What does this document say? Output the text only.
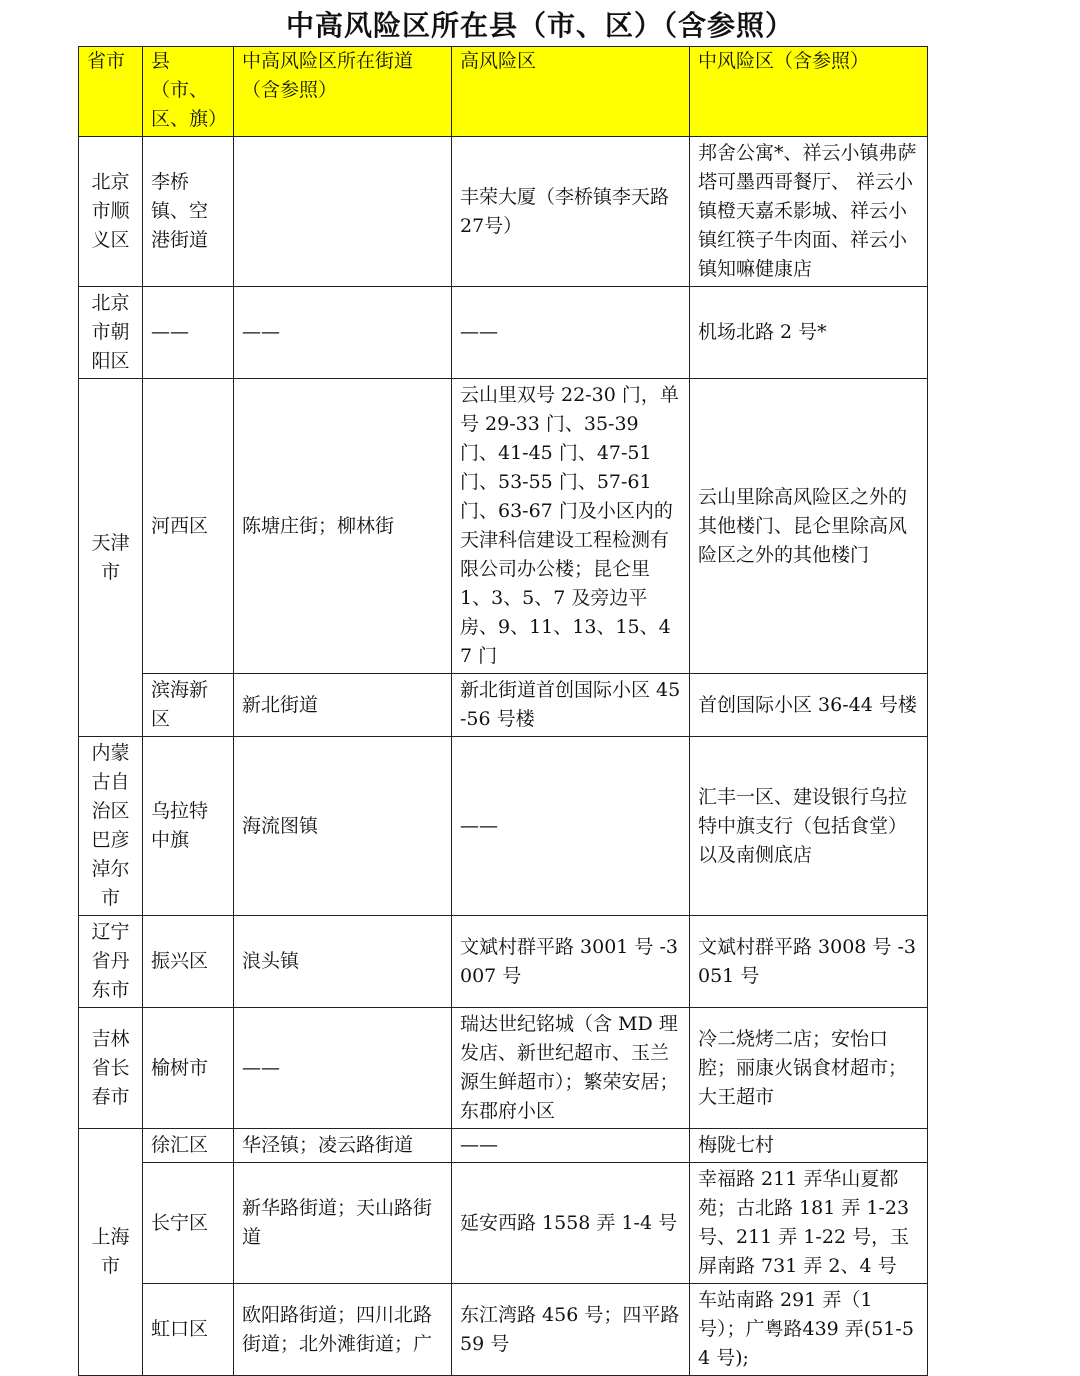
中高风险区所在县（市、区）（含参照）
省市	县（市、区、旗）	中高风险区所在街道（含参照）	高风险区	中风险区（含参照）
北京市顺义区	李桥镇、空港街道		丰荣大厦（李桥镇李天路27号）	邦舍公寓*、祥云小镇弗萨塔可墨西哥餐厅、 祥云小镇橙天嘉禾影城、祥云小镇红筷子牛肉面、祥云小镇知嘛健康店
北京市朝阳区	——	——	——	机场北路 2 号*
天津市	河西区	陈塘庄街；柳林街	云山里双号 22-30 门，单号 29-33 门、35-39 门、41-45 门、47-51 门、53-55 门、57-61 门、63-67 门及小区内的天津科信建设工程检测有限公司办公楼；昆仑里 1、3、5、7 及旁边平房、9、11、13、15、47 门	云山里除高风险区之外的其他楼门、昆仑里除高风险区之外的其他楼门
	滨海新区	新北街道	新北街道首创国际小区 45-56 号楼	首创国际小区 36-44 号楼
内蒙古自治区巴彦淖尔市	乌拉特中旗	海流图镇	——	汇丰一区、建设银行乌拉特中旗支行（包括食堂）以及南侧底店
辽宁省丹东市	振兴区	浪头镇	文斌村群平路 3001 号 -3007 号	文斌村群平路 3008 号 -3051 号
吉林省长春市	榆树市	——	瑞达世纪铭城（含 MD 理发店、新世纪超市、玉兰源生鲜超市）；繁荣安居；东郡府小区	冷二烧烤二店；安怡口腔；丽康火锅食材超市；大王超市
上海市	徐汇区	华泾镇；凌云路街道	——	梅陇七村
	长宁区	新华路街道；天山路街道	延安西路 1558 弄 1-4 号	幸福路 211 弄华山夏都苑；古北路 181 弄 1-23 号、211 弄 1-22 号，玉屏南路 731 弄 2、4 号
	虹口区	欧阳路街道；四川北路街道；北外滩街道；广	东江湾路 456 号；四平路 59 号	车站南路 291 弄（1 号）；广粤路439 弄(51-54 号);
